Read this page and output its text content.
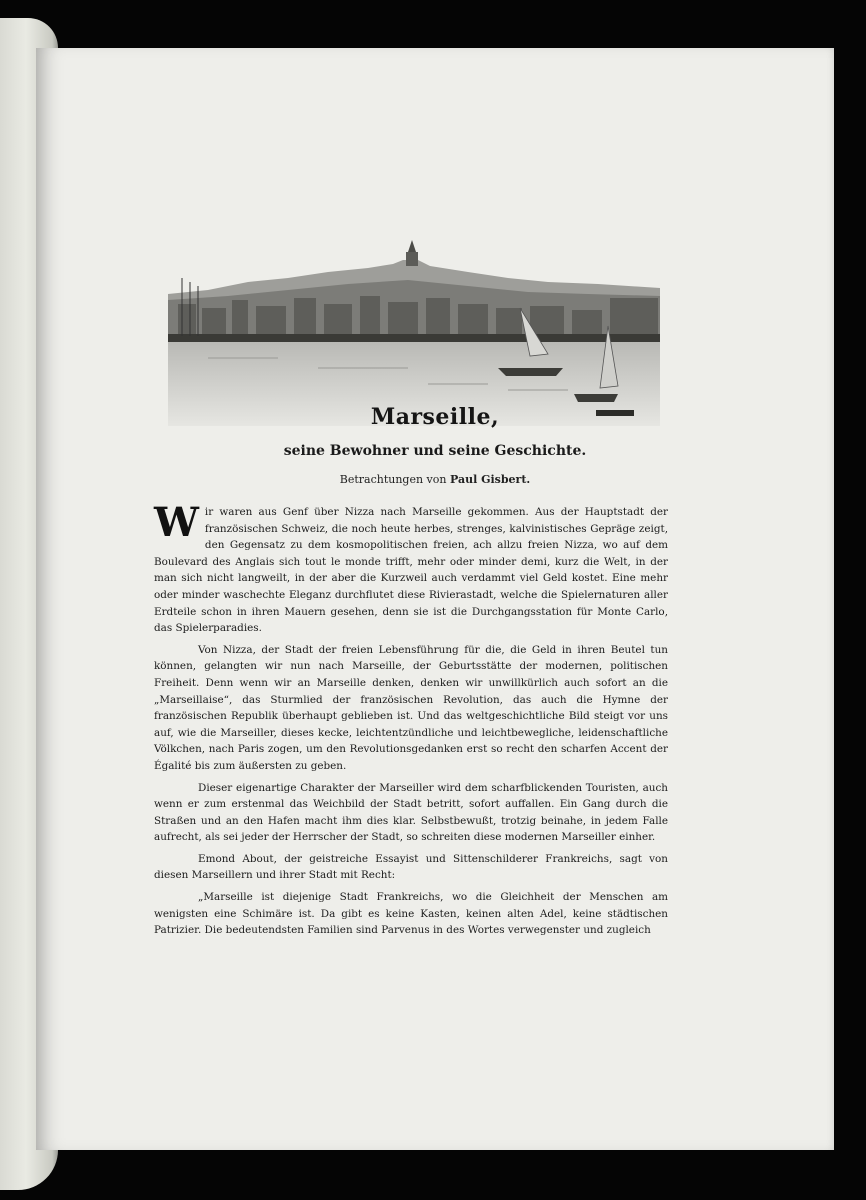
Marseille,
seine Bewohner und seine Geschichte.
Betrachtungen von Paul Gisbert.

Wir waren aus Genf über Nizza nach Marseille gekommen. Aus der Hauptstadt der französischen Schweiz, die noch heute herbes, strenges, kalvinistisches Gepräge zeigt, den Gegensatz zu dem kosmopolitischen freien, ach allzu freien Nizza, wo auf dem Boulevard des Anglais sich tout le monde trifft, mehr oder minder demi, kurz die Welt, in der man sich nicht langweilt, in der aber die Kurzweil auch verdammt viel Geld kostet. Eine mehr oder minder waschechte Eleganz durchflutet diese Rivierastadt, welche die Spielernaturen aller Erdteile schon in ihren Mauern gesehen, denn sie ist die Durchgangsstation für Monte Carlo, das Spielerparadies.

Von Nizza, der Stadt der freien Lebensführung für die, die Geld in ihren Beutel tun können, gelangten wir nun nach Marseille, der Geburtsstätte der modernen, politischen Freiheit. Denn wenn wir an Marseille denken, denken wir unwillkürlich auch sofort an die „Marseillaise“, das Sturmlied der französischen Revolution, das auch die Hymne der französischen Republik überhaupt geblieben ist. Und das weltgeschichtliche Bild steigt vor uns auf, wie die Marseiller, dieses kecke, leichtentzündliche und leichtbewegliche, leidenschaftliche Völkchen, nach Paris zogen, um den Revolutionsgedanken erst so recht den scharfen Accent der Égalité bis zum äußersten zu geben.

Dieser eigenartige Charakter der Marseiller wird dem scharfblickenden Touristen, auch wenn er zum erstenmal das Weichbild der Stadt betritt, sofort auffallen. Ein Gang durch die Straßen und an den Hafen macht ihm dies klar. Selbstbewußt, trotzig beinahe, in jedem Falle aufrecht, als sei jeder der Herrscher der Stadt, so schreiten diese modernen Marseiller einher.

Emond About, der geistreiche Essayist und Sittenschilderer Frankreichs, sagt von diesen Marseillern und ihrer Stadt mit Recht:

„Marseille ist diejenige Stadt Frankreichs, wo die Gleichheit der Menschen am wenigsten eine Schimäre ist. Da gibt es keine Kasten, keinen alten Adel, keine städtischen Patrizier. Die bedeutendsten Familien sind Parvenus in des Wortes verwegenster und zugleich
